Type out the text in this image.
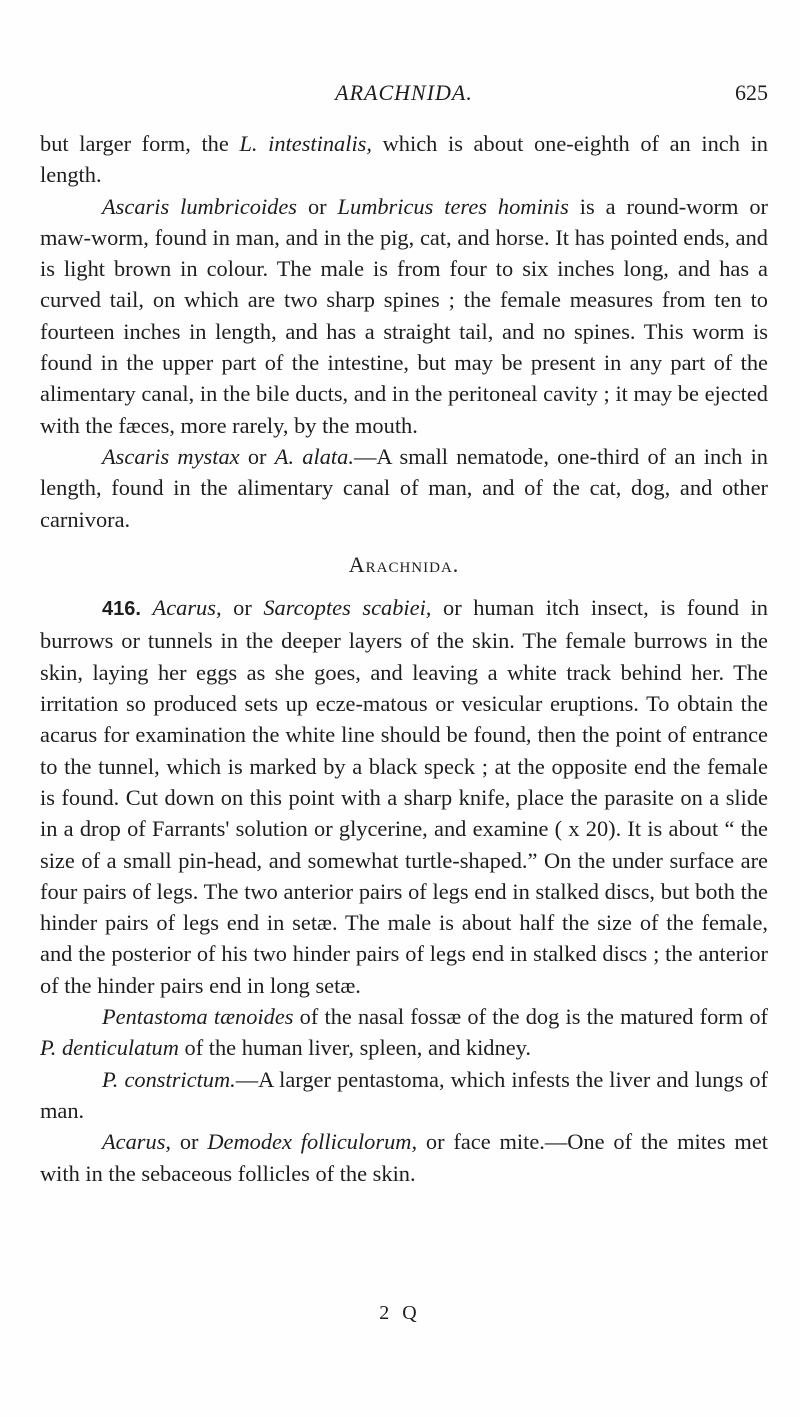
ARACHNIDA.	625

but larger form, the L. intestinalis, which is about one-eighth of an inch in length.

Ascaris lumbricoides or Lumbricus teres hominis is a round-worm or maw-worm, found in man, and in the pig, cat, and horse. It has pointed ends, and is light brown in colour. The male is from four to six inches long, and has a curved tail, on which are two sharp spines ; the female measures from ten to fourteen inches in length, and has a straight tail, and no spines. This worm is found in the upper part of the intestine, but may be present in any part of the alimentary canal, in the bile ducts, and in the peritoneal cavity ; it may be ejected with the fæces, more rarely, by the mouth.

Ascaris mystax or A. alata.—A small nematode, one-third of an inch in length, found in the alimentary canal of man, and of the cat, dog, and other carnivora.

Arachnida.

416. Acarus, or Sarcoptes scabiei, or human itch insect, is found in burrows or tunnels in the deeper layers of the skin. The female burrows in the skin, laying her eggs as she goes, and leaving a white track behind her. The irritation so produced sets up ecze-matous or vesicular eruptions. To obtain the acarus for examination the white line should be found, then the point of entrance to the tunnel, which is marked by a black speck ; at the opposite end the female is found. Cut down on this point with a sharp knife, place the parasite on a slide in a drop of Farrants' solution or glycerine, and examine ( x 20). It is about “ the size of a small pin-head, and somewhat turtle-shaped.” On the under surface are four pairs of legs. The two anterior pairs of legs end in stalked discs, but both the hinder pairs of legs end in setæ. The male is about half the size of the female, and the posterior of his two hinder pairs of legs end in stalked discs ; the anterior of the hinder pairs end in long setæ.

Pentastoma tænoides of the nasal fossæ of the dog is the matured form of P. denticulatum of the human liver, spleen, and kidney.

P. constrictum.—A larger pentastoma, which infests the liver and lungs of man.

Acarus, or Demodex folliculorum, or face mite.—One of the mites met with in the sebaceous follicles of the skin.

2 Q
